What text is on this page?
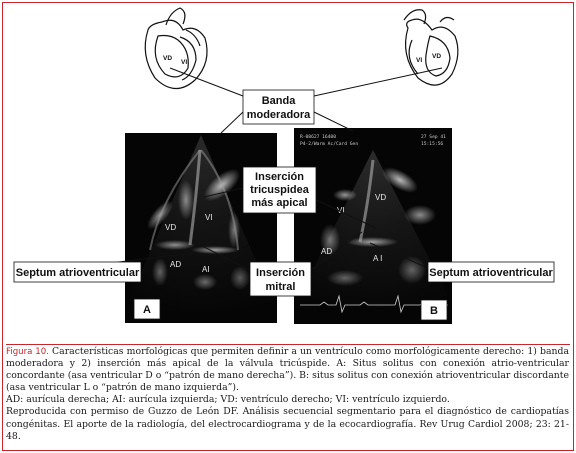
VI
VD
AD
AI
R-08627 16400
P4-2/Warm Ac/Card Gen
27 Sep 41
15:15:56
VI
VD
AD
A I
VD
VI	VI
VD
Banda
moderadora
Inserción
tricuspidea
más apical
Inserción
mitral
Septum atrioventricular	Septum atrioventricular
A	B

Figura 10. Características morfológicas que permiten definir a un ventrículo como morfológicamente derecho: 1) banda moderadora y 2) inserción más apical de la válvula tricúspide. A: Situs solitus con conexión atrio-ventricular concordante (asa ventricular D o “patrón de mano derecha”). B: situs solitus con conexión atrioventricular discordante (asa ventricular L o “patrón de mano izquierda”).

AD: aurícula derecha; AI: aurícula izquierda; VD: ventrículo derecho; VI: ventrículo izquierdo.

Reproducida con permiso de Guzzo de León DF. Análisis secuencial segmentario para el diagnóstico de cardiopatías congénitas. El aporte de la radiología, del electrocardiograma y de la ecocardiografía. Rev Urug Cardiol 2008; 23: 21-48.
